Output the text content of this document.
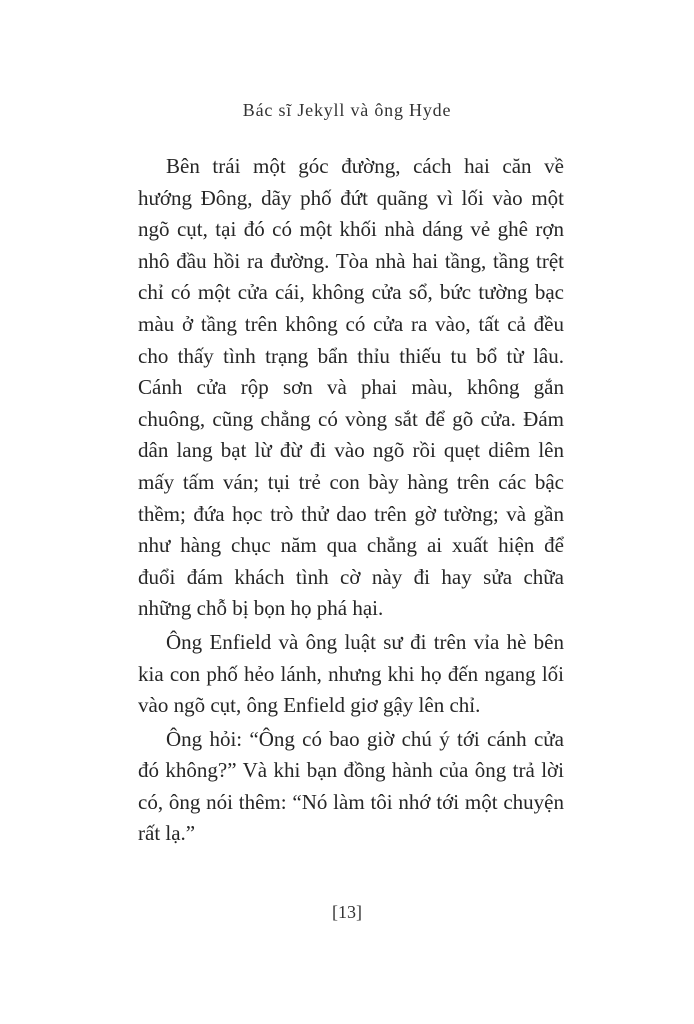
Bác sĩ Jekyll và ông Hyde

Bên trái một góc đường, cách hai căn về hướng Đông, dãy phố đứt quãng vì lối vào một ngõ cụt, tại đó có một khối nhà dáng vẻ ghê rợn nhô đầu hồi ra đường. Tòa nhà hai tầng, tầng trệt chỉ có một cửa cái, không cửa sổ, bức tường bạc màu ở tầng trên không có cửa ra vào, tất cả đều cho thấy tình trạng bẩn thỉu thiếu tu bổ từ lâu. Cánh cửa rộp sơn và phai màu, không gắn chuông, cũng chẳng có vòng sắt để gõ cửa. Đám dân lang bạt lừ đừ đi vào ngõ rồi quẹt diêm lên mấy tấm ván; tụi trẻ con bày hàng trên các bậc thềm; đứa học trò thử dao trên gờ tường; và gần như hàng chục năm qua chẳng ai xuất hiện để đuổi đám khách tình cờ này đi hay sửa chữa những chỗ bị bọn họ phá hại.

Ông Enfield và ông luật sư đi trên vỉa hè bên kia con phố hẻo lánh, nhưng khi họ đến ngang lối vào ngõ cụt, ông Enfield giơ gậy lên chỉ.

Ông hỏi: “Ông có bao giờ chú ý tới cánh cửa đó không?” Và khi bạn đồng hành của ông trả lời có, ông nói thêm: “Nó làm tôi nhớ tới một chuyện rất lạ.”

[13]
